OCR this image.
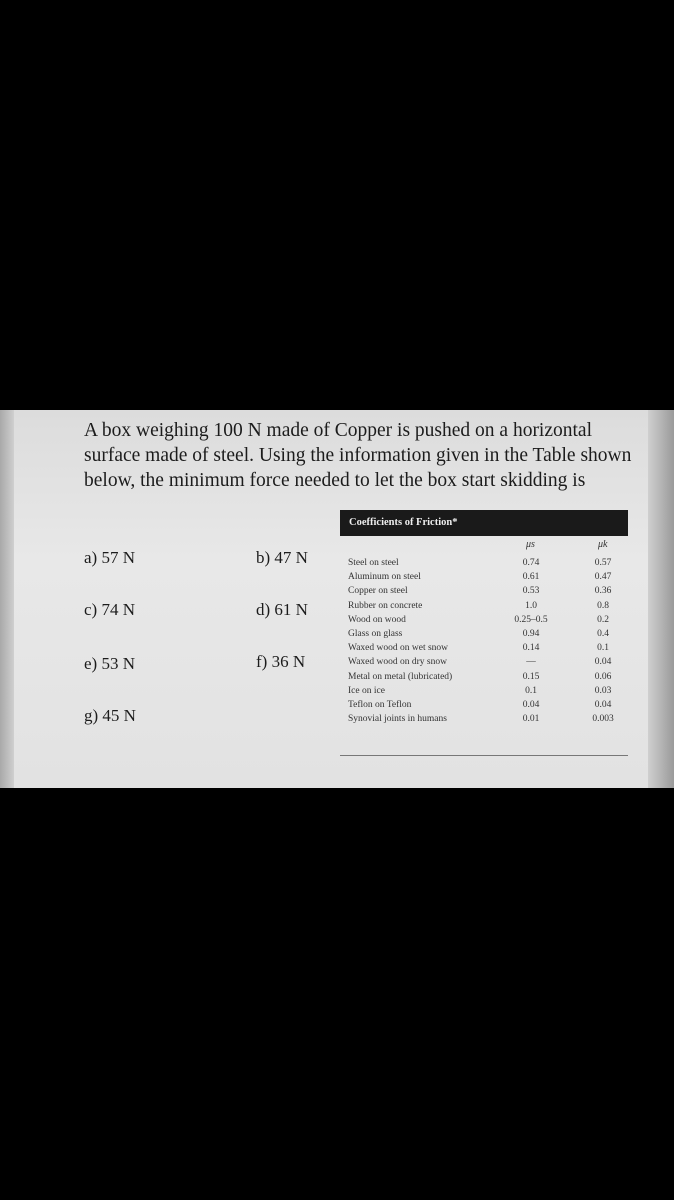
A box weighing 100 N made of Copper is pushed on a horizontal surface made of steel. Using the information given in the Table shown below, the minimum force needed to let the box start skidding is

a) 57 N	b) 47 N
c) 74 N	d) 61 N
e) 53 N	f) 36 N
g) 45 N
Coefficients of Friction*
μs	μk
Steel on steel	0.74	0.57
Aluminum on steel	0.61	0.47
Copper on steel	0.53	0.36
Rubber on concrete	1.0	0.8
Wood on wood	0.25–0.5	0.2
Glass on glass	0.94	0.4
Waxed wood on wet snow	0.14	0.1
Waxed wood on dry snow	—	0.04
Metal on metal (lubricated)	0.15	0.06
Ice on ice	0.1	0.03
Teflon on Teflon	0.04	0.04
Synovial joints in humans	0.01	0.003
